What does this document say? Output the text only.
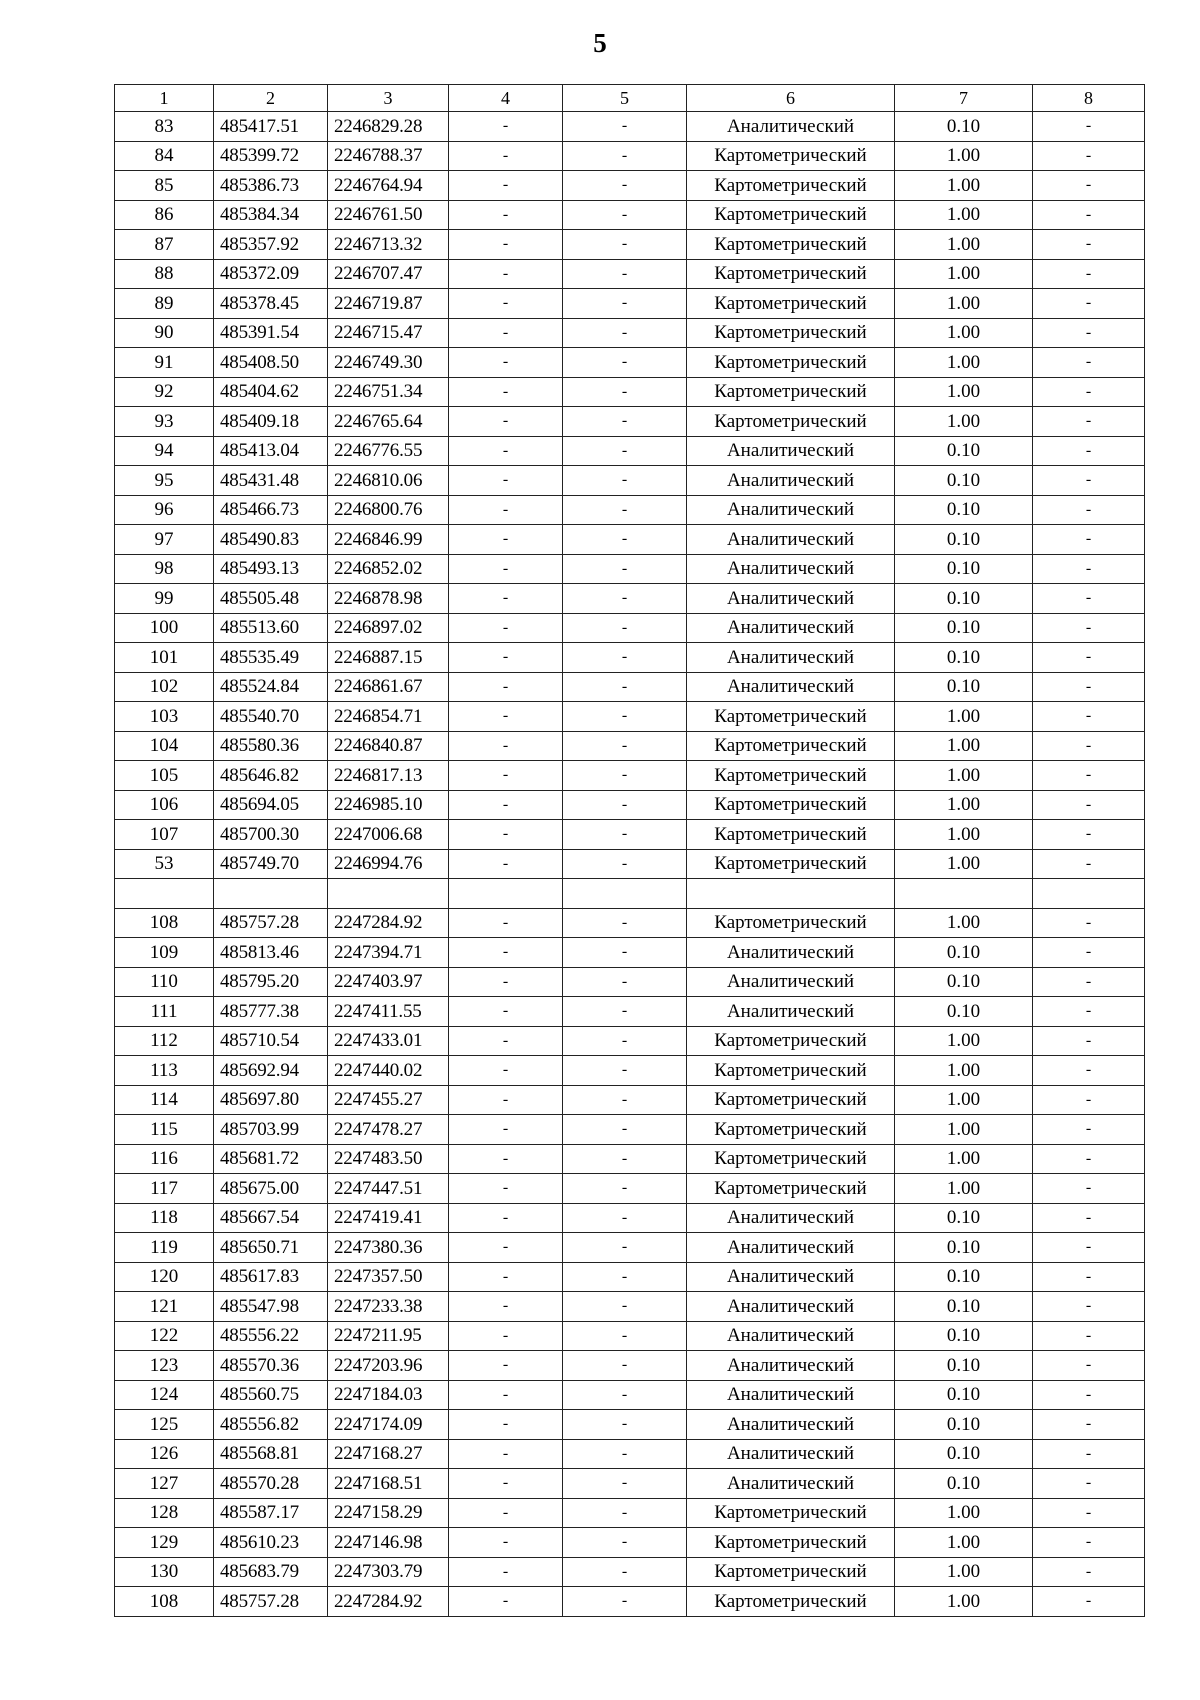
5
1	2	3	4	5	6	7	8
83	485417.51	2246829.28	-	-	Аналитический	0.10	-
84	485399.72	2246788.37	-	-	Картометрический	1.00	-
85	485386.73	2246764.94	-	-	Картометрический	1.00	-
86	485384.34	2246761.50	-	-	Картометрический	1.00	-
87	485357.92	2246713.32	-	-	Картометрический	1.00	-
88	485372.09	2246707.47	-	-	Картометрический	1.00	-
89	485378.45	2246719.87	-	-	Картометрический	1.00	-
90	485391.54	2246715.47	-	-	Картометрический	1.00	-
91	485408.50	2246749.30	-	-	Картометрический	1.00	-
92	485404.62	2246751.34	-	-	Картометрический	1.00	-
93	485409.18	2246765.64	-	-	Картометрический	1.00	-
94	485413.04	2246776.55	-	-	Аналитический	0.10	-
95	485431.48	2246810.06	-	-	Аналитический	0.10	-
96	485466.73	2246800.76	-	-	Аналитический	0.10	-
97	485490.83	2246846.99	-	-	Аналитический	0.10	-
98	485493.13	2246852.02	-	-	Аналитический	0.10	-
99	485505.48	2246878.98	-	-	Аналитический	0.10	-
100	485513.60	2246897.02	-	-	Аналитический	0.10	-
101	485535.49	2246887.15	-	-	Аналитический	0.10	-
102	485524.84	2246861.67	-	-	Аналитический	0.10	-
103	485540.70	2246854.71	-	-	Картометрический	1.00	-
104	485580.36	2246840.87	-	-	Картометрический	1.00	-
105	485646.82	2246817.13	-	-	Картометрический	1.00	-
106	485694.05	2246985.10	-	-	Картометрический	1.00	-
107	485700.30	2247006.68	-	-	Картометрический	1.00	-
53	485749.70	2246994.76	-	-	Картометрический	1.00	-

108	485757.28	2247284.92	-	-	Картометрический	1.00	-
109	485813.46	2247394.71	-	-	Аналитический	0.10	-
110	485795.20	2247403.97	-	-	Аналитический	0.10	-
111	485777.38	2247411.55	-	-	Аналитический	0.10	-
112	485710.54	2247433.01	-	-	Картометрический	1.00	-
113	485692.94	2247440.02	-	-	Картометрический	1.00	-
114	485697.80	2247455.27	-	-	Картометрический	1.00	-
115	485703.99	2247478.27	-	-	Картометрический	1.00	-
116	485681.72	2247483.50	-	-	Картометрический	1.00	-
117	485675.00	2247447.51	-	-	Картометрический	1.00	-
118	485667.54	2247419.41	-	-	Аналитический	0.10	-
119	485650.71	2247380.36	-	-	Аналитический	0.10	-
120	485617.83	2247357.50	-	-	Аналитический	0.10	-
121	485547.98	2247233.38	-	-	Аналитический	0.10	-
122	485556.22	2247211.95	-	-	Аналитический	0.10	-
123	485570.36	2247203.96	-	-	Аналитический	0.10	-
124	485560.75	2247184.03	-	-	Аналитический	0.10	-
125	485556.82	2247174.09	-	-	Аналитический	0.10	-
126	485568.81	2247168.27	-	-	Аналитический	0.10	-
127	485570.28	2247168.51	-	-	Аналитический	0.10	-
128	485587.17	2247158.29	-	-	Картометрический	1.00	-
129	485610.23	2247146.98	-	-	Картометрический	1.00	-
130	485683.79	2247303.79	-	-	Картометрический	1.00	-
108	485757.28	2247284.92	-	-	Картометрический	1.00	-
